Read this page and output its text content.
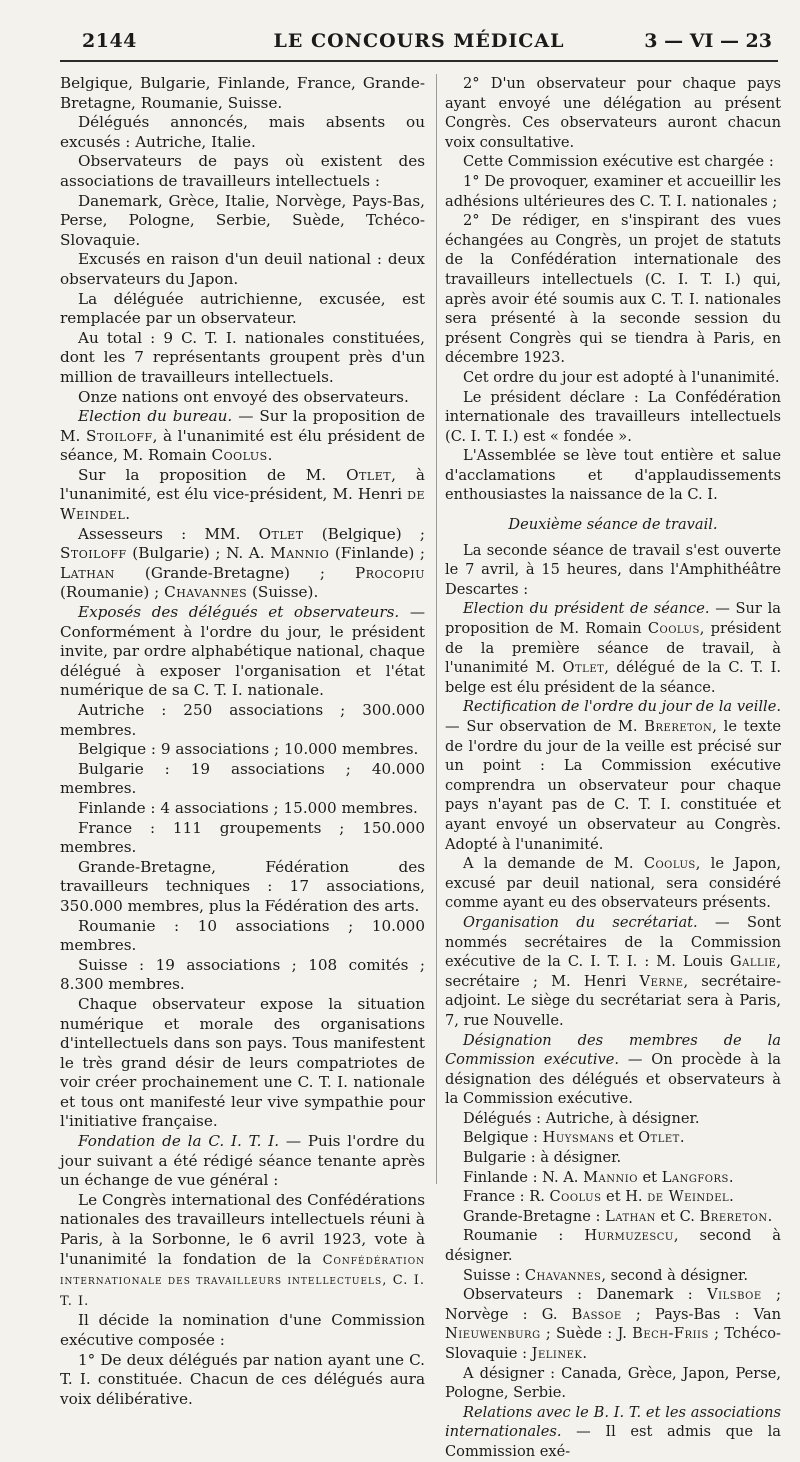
2144	LE CONCOURS MÉDICAL	3 — VI — 23

Belgique, Bulgarie, Finlande, France, Grande-Bretagne, Roumanie, Suisse.

Délégués annoncés, mais absents ou excusés : Autriche, Italie.

Observateurs de pays où existent des associations de travailleurs intellectuels :

Danemark, Grèce, Italie, Norvège, Pays-Bas, Perse, Pologne, Serbie, Suède, Tchéco-Slovaquie.

Excusés en raison d'un deuil national : deux observateurs du Japon.

La déléguée autrichienne, excusée, est remplacée par un observateur.

Au total : 9 C. T. I. nationales constituées, dont les 7 représentants groupent près d'un million de travailleurs intellectuels.

Onze nations ont envoyé des observateurs.

Election du bureau. — Sur la proposition de M. Stoiloff, à l'unanimité est élu président de séance, M. Romain Coolus.

Sur la proposition de M. Otlet, à l'unanimité, est élu vice-président, M. Henri de Weindel.

Assesseurs : MM. Otlet (Belgique) ; Stoiloff (Bulgarie) ; N. A. Mannio (Finlande) ; Lathan (Grande-Bretagne) ; Procopiu (Roumanie) ; Chavannes (Suisse).

Exposés des délégués et observateurs. — Conformément à l'ordre du jour, le président invite, par ordre alphabétique national, chaque délégué à exposer l'organisation et l'état numérique de sa C. T. I. nationale.

Autriche : 250 associations ; 300.000 membres.

Belgique : 9 associations ; 10.000 membres.

Bulgarie : 19 associations ; 40.000 membres.

Finlande : 4 associations ; 15.000 membres.

France : 111 groupements ; 150.000 membres.

Grande-Bretagne, Fédération des travailleurs techniques : 17 associations, 350.000 membres, plus la Fédération des arts.

Roumanie : 10 associations ; 10.000 membres.

Suisse : 19 associations ; 108 comités ; 8.300 membres.

Chaque observateur expose la situation numérique et morale des organisations d'intellectuels dans son pays. Tous manifestent le très grand désir de leurs compatriotes de voir créer prochainement une C. T. I. nationale et tous ont manifesté leur vive sympathie pour l'initiative française.

Fondation de la C. I. T. I. — Puis l'ordre du jour suivant a été rédigé séance tenante après un échange de vue général :

Le Congrès international des Confédérations nationales des travailleurs intellectuels réuni à Paris, à la Sorbonne, le 6 avril 1923, vote à l'unanimité la fondation de la Confédération internationale des travailleurs intellectuels, C. I. T. I.

Il décide la nomination d'une Commission exécutive composée :

1° De deux délégués par nation ayant une C. T. I. constituée. Chacun de ces délégués aura voix délibérative.

2° D'un observateur pour chaque pays ayant envoyé une délégation au présent Congrès. Ces observateurs auront chacun voix consultative.

Cette Commission exécutive est chargée :

1° De provoquer, examiner et accueillir les adhésions ultérieures des C. T. I. nationales ;

2° De rédiger, en s'inspirant des vues échangées au Congrès, un projet de statuts de la Confédération internationale des travailleurs intellectuels (C. I. T. I.) qui, après avoir été soumis aux C. T. I. nationales sera présenté à la seconde session du présent Congrès qui se tiendra à Paris, en décembre 1923.

Cet ordre du jour est adopté à l'unanimité.

Le président déclare : La Confédération internationale des travailleurs intellectuels (C. I. T. I.) est « fondée ».

L'Assemblée se lève tout entière et salue d'acclamations et d'applaudissements enthousiastes la naissance de la C. I.

Deuxième séance de travail.

La seconde séance de travail s'est ouverte le 7 avril, à 15 heures, dans l'Amphithéâtre Descartes :

Election du président de séance. — Sur la proposition de M. Romain Coolus, président de la première séance de travail, à l'unanimité M. Otlet, délégué de la C. T. I. belge est élu président de la séance.

Rectification de l'ordre du jour de la veille. — Sur observation de M. Brereton, le texte de l'ordre du jour de la veille est précisé sur un point : La Commission exécutive comprendra un observateur pour chaque pays n'ayant pas de C. T. I. constituée et ayant envoyé un observateur au Congrès. Adopté à l'unanimité.

A la demande de M. Coolus, le Japon, excusé par deuil national, sera considéré comme ayant eu des observateurs présents.

Organisation du secrétariat. — Sont nommés secrétaires de la Commission exécutive de la C. I. T. I. : M. Louis Gallie, secrétaire ; M. Henri Verne, secrétaire-adjoint. Le siège du secrétariat sera à Paris, 7, rue Nouvelle.

Désignation des membres de la Commission exécutive. — On procède à la désignation des délégués et observateurs à la Commission exécutive.

Délégués : Autriche, à désigner.

Belgique : Huysmans et Otlet.

Bulgarie : à désigner.

Finlande : N. A. Mannio et Langfors.

France : R. Coolus et H. de Weindel.

Grande-Bretagne : Lathan et C. Brereton.

Roumanie : Hurmuzescu, second à désigner.

Suisse : Chavannes, second à désigner.

Observateurs : Danemark : Vilsboe ; Norvège : G. Bassoe ; Pays-Bas : Van Nieuwenburg ; Suède : J. Bech-Friis ; Tchéco-Slovaquie : Jelinek.

A désigner : Canada, Grèce, Japon, Perse, Pologne, Serbie.

Relations avec le B. I. T. et les associations internationales. — Il est admis que la Commission exé-
